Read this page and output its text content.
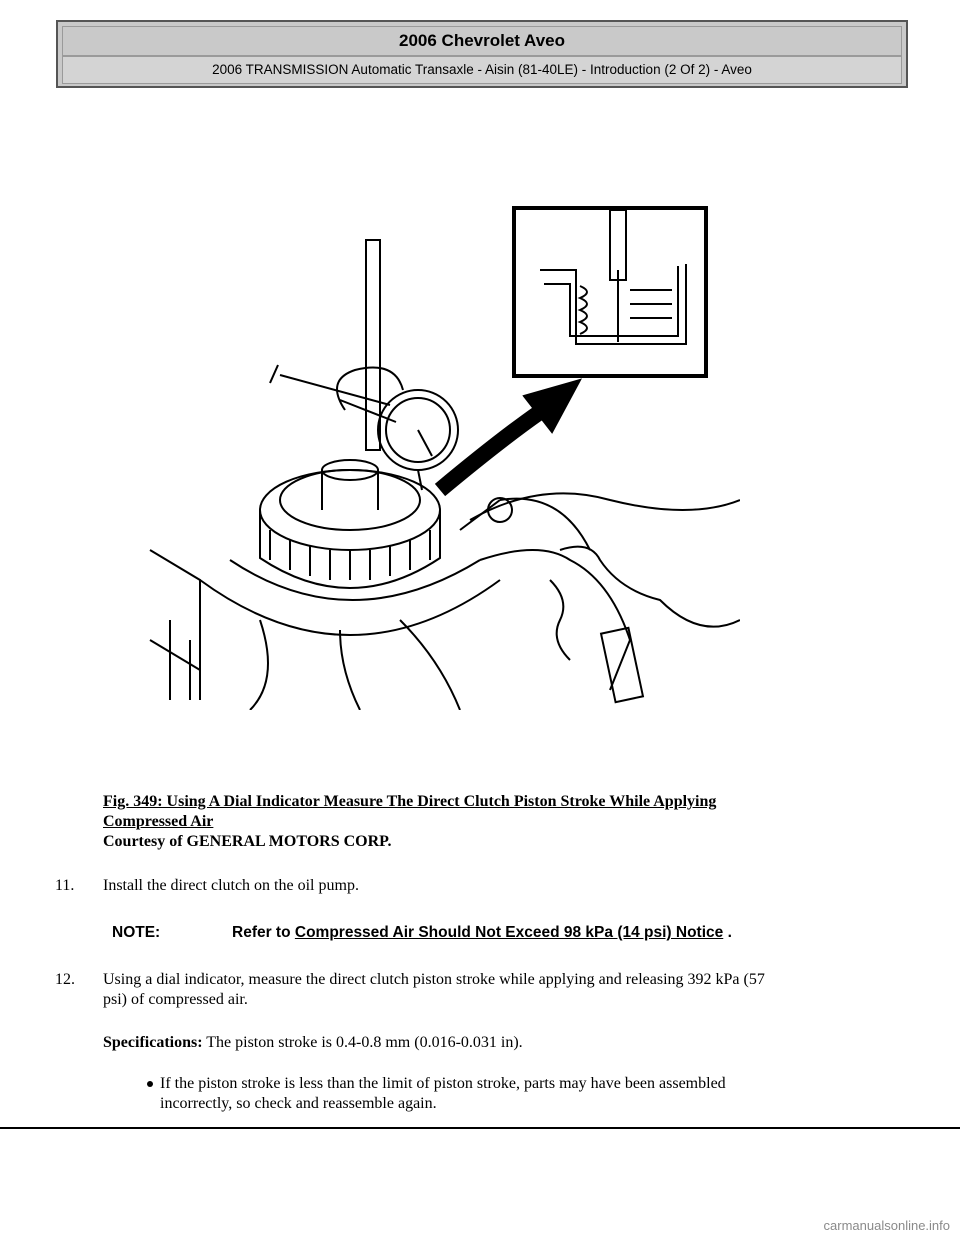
2006 Chevrolet Aveo
2006 TRANSMISSION Automatic Transaxle - Aisin (81-40LE) - Introduction (2 Of 2) - Aveo
Fig. 349: Using A Dial Indicator Measure The Direct Clutch Piston Stroke While Applying
Compressed Air
Courtesy of GENERAL MOTORS CORP.
11. Install the direct clutch on the oil pump.
NOTE:	Refer to Compressed Air Should Not Exceed 98 kPa (14 psi) Notice .
12. Using a dial indicator, measure the direct clutch piston stroke while applying and releasing 392 kPa (57
psi) of compressed air.
Specifications: The piston stroke is 0.4-0.8 mm (0.016-0.031 in).
If the piston stroke is less than the limit of piston stroke, parts may have been assembled
incorrectly, so check and reassemble again.
carmanualsonline.info
